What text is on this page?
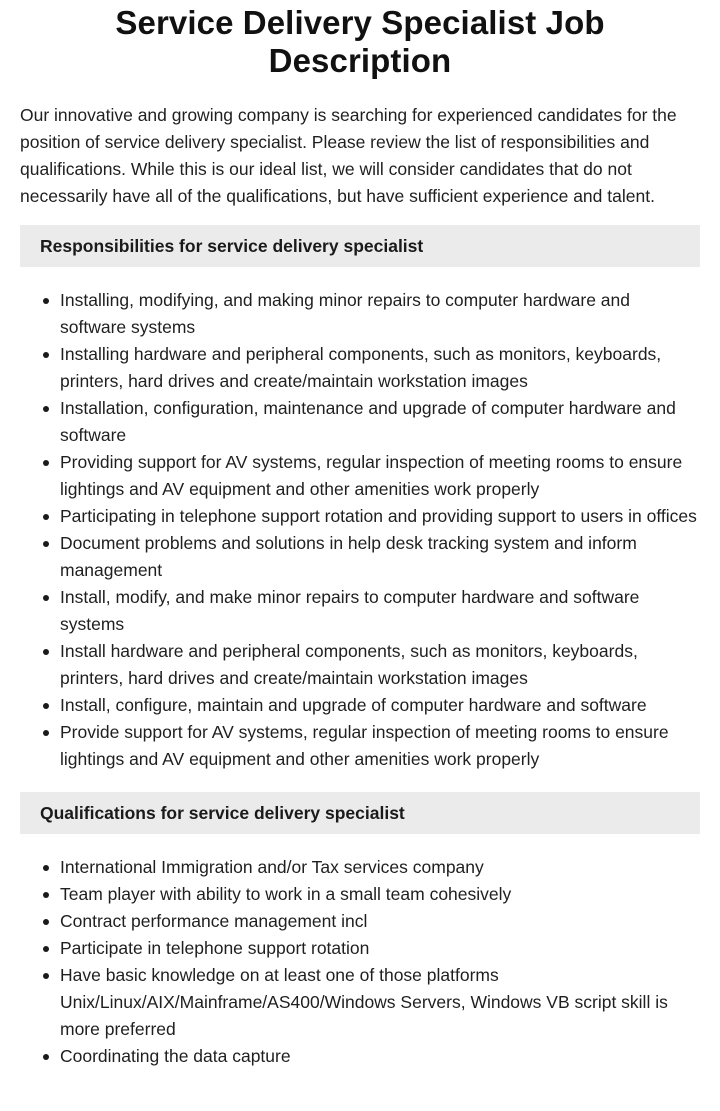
Service Delivery Specialist Job Description

Our innovative and growing company is searching for experienced candidates for the position of service delivery specialist. Please review the list of responsibilities and qualifications. While this is our ideal list, we will consider candidates that do not necessarily have all of the qualifications, but have sufficient experience and talent.

Responsibilities for service delivery specialist
Installing, modifying, and making minor repairs to computer hardware and software systems
Installing hardware and peripheral components, such as monitors, keyboards, printers, hard drives and create/maintain workstation images
Installation, configuration, maintenance and upgrade of computer hardware and software
Providing support for AV systems, regular inspection of meeting rooms to ensure lightings and AV equipment and other amenities work properly
Participating in telephone support rotation and providing support to users in offices
Document problems and solutions in help desk tracking system and inform management
Install, modify, and make minor repairs to computer hardware and software systems
Install hardware and peripheral components, such as monitors, keyboards, printers, hard drives and create/maintain workstation images
Install, configure, maintain and upgrade of computer hardware and software
Provide support for AV systems, regular inspection of meeting rooms to ensure lightings and AV equipment and other amenities work properly
Qualifications for service delivery specialist
International Immigration and/or Tax services company
Team player with ability to work in a small team cohesively
Contract performance management incl
Participate in telephone support rotation
Have basic knowledge on at least one of those platforms Unix/Linux/AIX/Mainframe/AS400/Windows Servers, Windows VB script skill is more preferred
Coordinating the data capture
